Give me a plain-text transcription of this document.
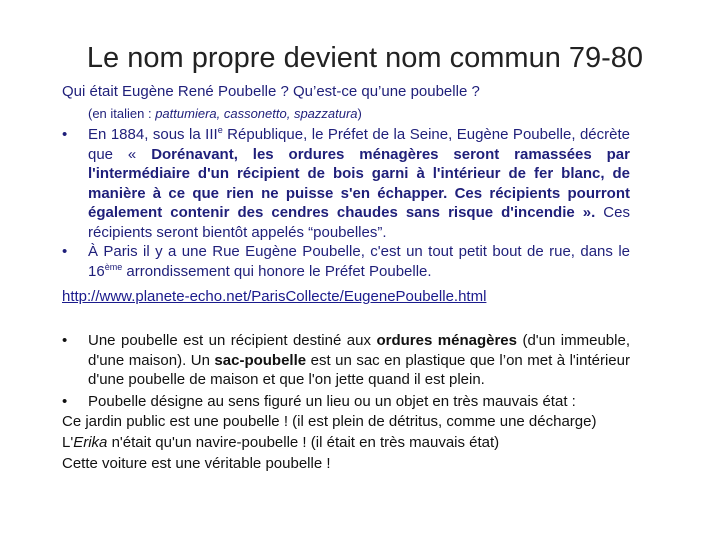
Le nom propre devient nom commun 79-80
Qui était Eugène René Poubelle ? Qu’est-ce qu’une poubelle ?
(en italien : pattumiera, cassonetto, spazzatura)
• En 1884, sous la IIIe République, le Préfet de la Seine, Eugène Poubelle, décrète que « Dorénavant, les ordures ménagères seront ramassées par l'intermédiaire d'un récipient de bois garni à l'intérieur de fer blanc, de manière à ce que rien ne puisse s'en échapper. Ces récipients pourront également contenir des cendres chaudes sans risque d'incendie ». Ces récipients seront bientôt appelés “poubelles”.
• À Paris il y a une Rue Eugène Poubelle, c'est un tout petit bout de rue, dans le 16ème arrondissement qui honore le Préfet Poubelle.
http://www.planete-echo.net/ParisCollecte/EugenePoubelle.html
• Une poubelle est un récipient destiné aux ordures ménagères (d'un immeuble, d'une maison). Un sac-poubelle est un sac en plastique que l’on met à l'intérieur d'une poubelle de maison et que l'on jette quand il est plein.
• Poubelle désigne au sens figuré un lieu ou un objet en très mauvais état :
Ce jardin public est une poubelle ! (il est plein de détritus, comme une décharge)
L'Erika n'était qu'un navire-poubelle ! (il était en très mauvais état)
Cette voiture est une véritable poubelle !
